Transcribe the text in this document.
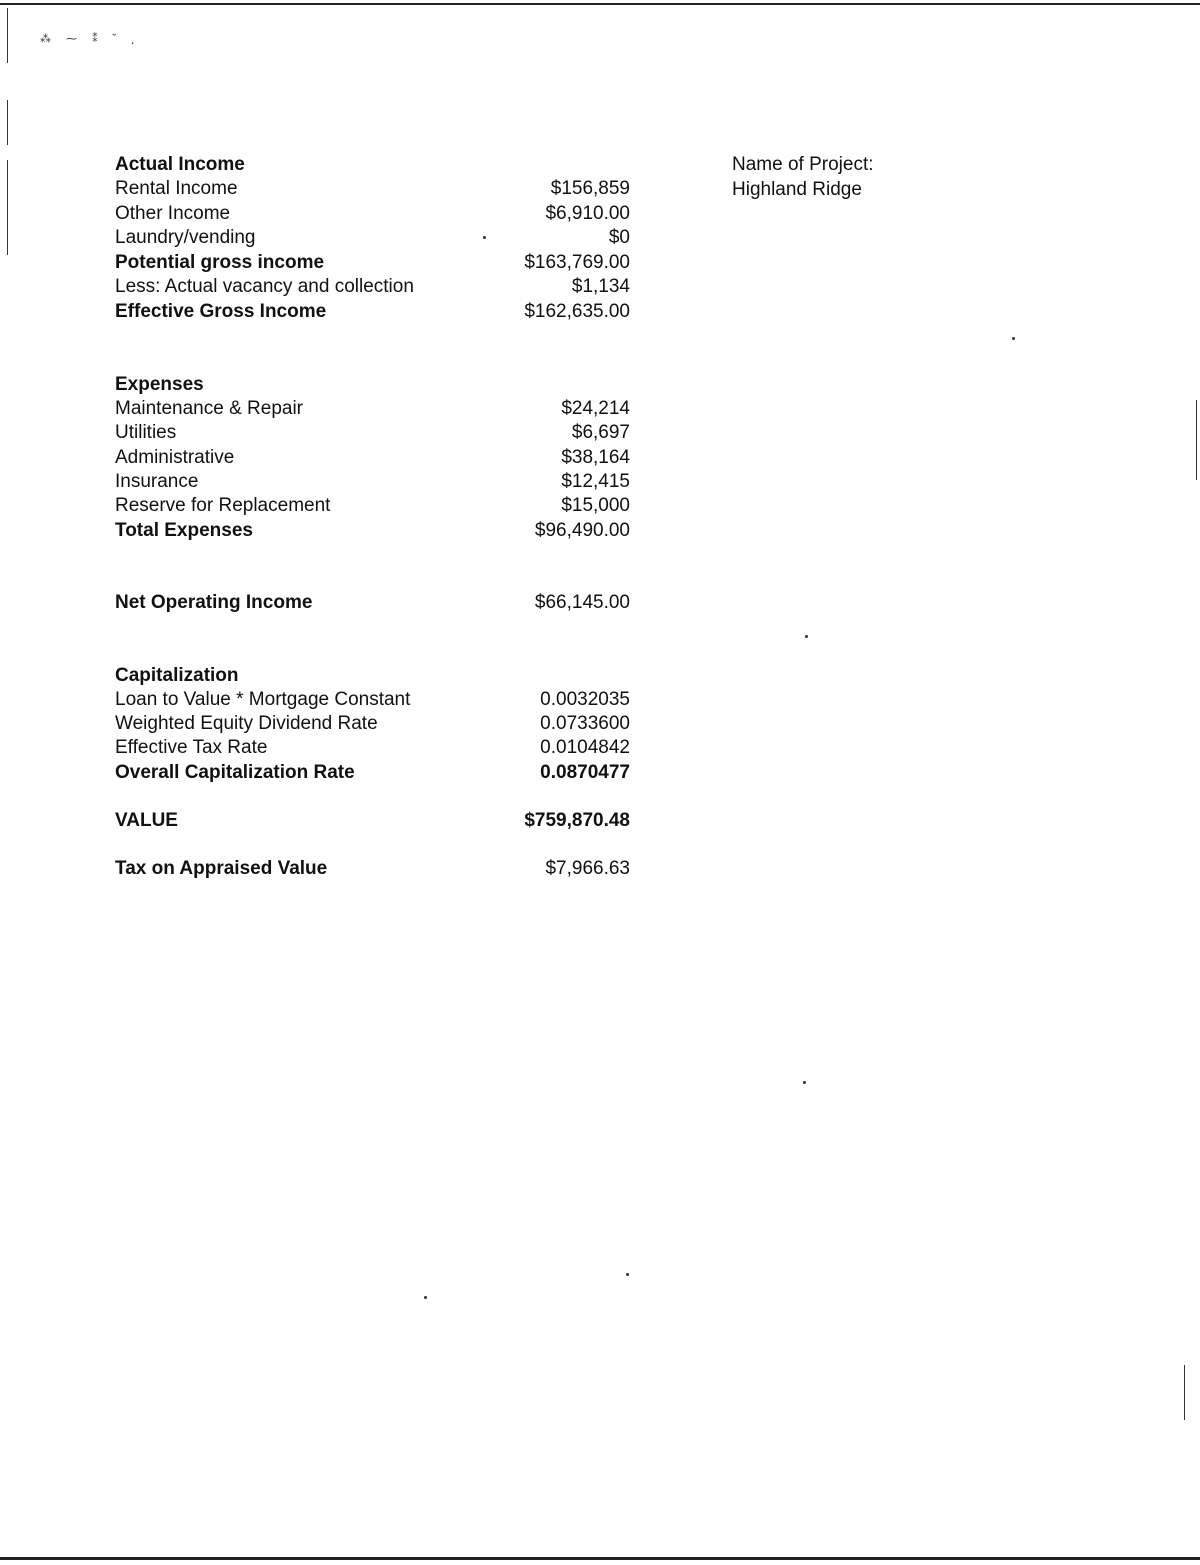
⁂ ⁓ ⁑ ˘ ˛
Name of Project:
Highland Ridge
Actual Income
Rental Income	$156,859
Other Income	$6,910.00
Laundry/vending	$0
Potential gross income	$163,769.00
Less: Actual vacancy and collection	$1,134
Effective Gross Income	$162,635.00
Expenses
Maintenance & Repair	$24,214
Utilities	$6,697
Administrative	$38,164
Insurance	$12,415
Reserve for Replacement	$15,000
Total Expenses	$96,490.00
Net Operating Income	$66,145.00
Capitalization
Loan to Value * Mortgage Constant	0.0032035
Weighted Equity Dividend Rate	0.0733600
Effective Tax Rate	0.0104842
Overall Capitalization Rate	0.0870477
VALUE	$759,870.48
Tax on Appraised Value	$7,966.63
